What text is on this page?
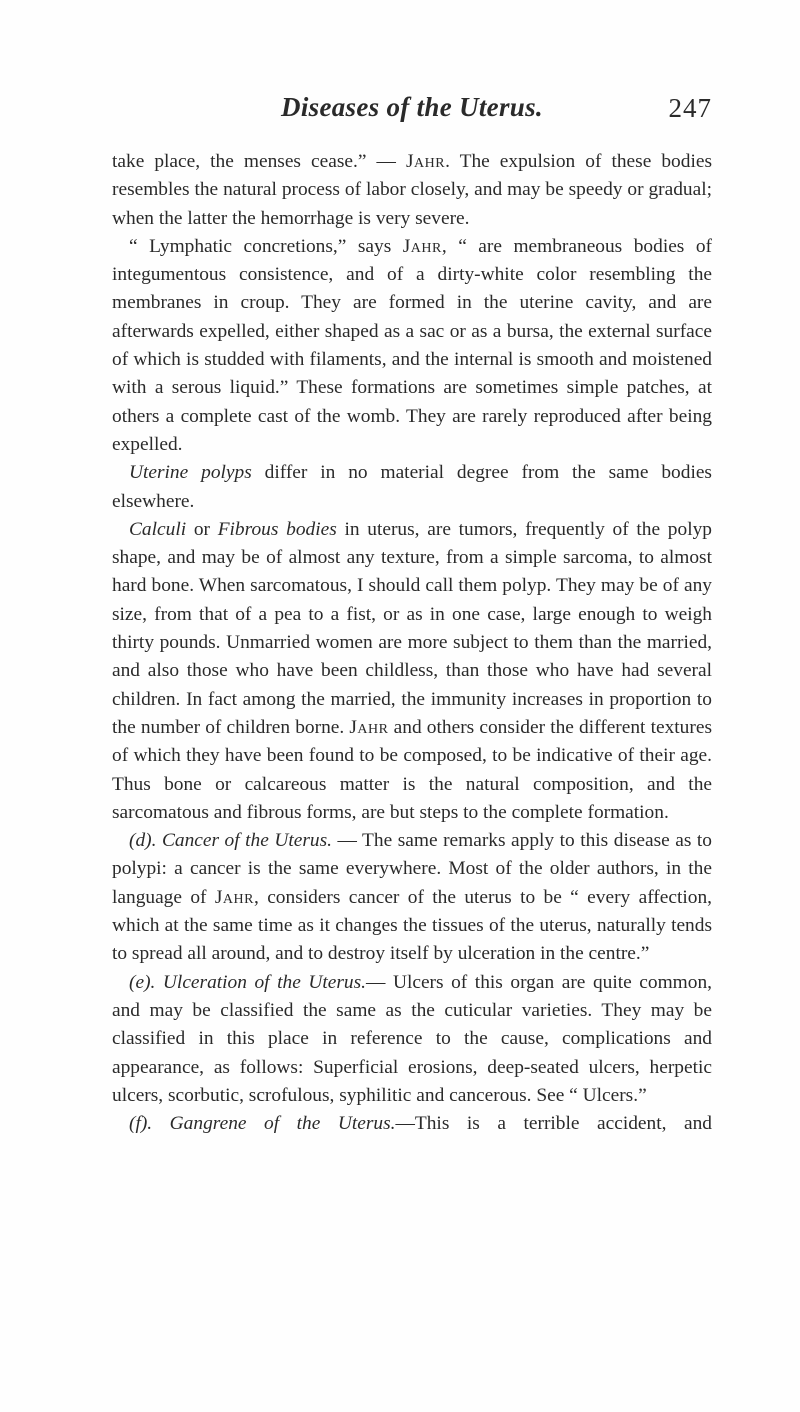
Diseases of the Uterus.	247

take place, the menses cease.” — Jahr. The expulsion of these bodies resembles the natural process of labor closely, and may be speedy or gradual; when the latter the hemorrhage is very severe.

“ Lymphatic concretions,” says Jahr, “ are membraneous bodies of integumentous consistence, and of a dirty-white color resembling the membranes in croup. They are formed in the uterine cavity, and are afterwards expelled, either shaped as a sac or as a bursa, the external surface of which is studded with filaments, and the internal is smooth and moistened with a serous liquid.” These formations are sometimes simple patches, at others a complete cast of the womb. They are rarely reproduced after being expelled.

Uterine polyps differ in no material degree from the same bodies elsewhere.

Calculi or Fibrous bodies in uterus, are tumors, frequently of the polyp shape, and may be of almost any texture, from a simple sarcoma, to almost hard bone. When sarcomatous, I should call them polyp. They may be of any size, from that of a pea to a fist, or as in one case, large enough to weigh thirty pounds. Unmarried women are more subject to them than the married, and also those who have been childless, than those who have had several children. In fact among the married, the immunity increases in proportion to the number of children borne. Jahr and others consider the different textures of which they have been found to be composed, to be indicative of their age. Thus bone or calcareous matter is the natural composition, and the sarcomatous and fibrous forms, are but steps to the complete formation.

(d). Cancer of the Uterus. — The same remarks apply to this disease as to polypi: a cancer is the same everywhere. Most of the older authors, in the language of Jahr, considers cancer of the uterus to be “ every affection, which at the same time as it changes the tissues of the uterus, naturally tends to spread all around, and to destroy itself by ulceration in the centre.”

(e). Ulceration of the Uterus.— Ulcers of this organ are quite common, and may be classified the same as the cuticular varieties. They may be classified in this place in reference to the cause, complications and appearance, as follows: Superficial erosions, deep-seated ulcers, herpetic ulcers, scorbutic, scrofulous, syphilitic and cancerous. See “ Ulcers.”

(f). Gangrene of the Uterus.—This is a terrible accident, and
